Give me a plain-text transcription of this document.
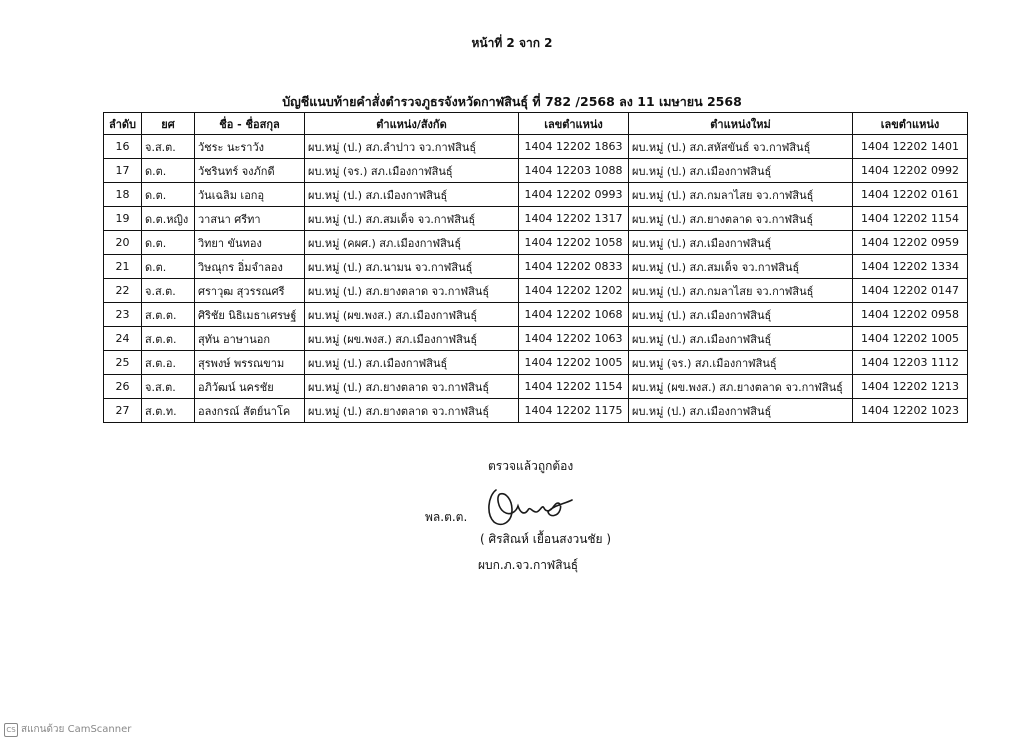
หน้าที่ 2 จาก 2
บัญชีแนบท้ายคำสั่งตำรวจภูธรจังหวัดกาฬสินธุ์ ที่ 782 /2568 ลง 11 เมษายน 2568
ลำดับ	ยศ	ชื่อ - ชื่อสกุล	ตำแหน่ง/สังกัด	เลขตำแหน่ง	ตำแหน่งใหม่	เลขตำแหน่ง
16	จ.ส.ต.	วัชระ นะราวัง	ผบ.หมู่ (ป.) สภ.ลำปาว จว.กาฬสินธุ์	1404 12202 1863	ผบ.หมู่ (ป.) สภ.สหัสขันธ์ จว.กาฬสินธุ์	1404 12202 1401
17	ด.ต.	วัชรินทร์ จงภักดี	ผบ.หมู่ (จร.) สภ.เมืองกาฬสินธุ์	1404 12203 1088	ผบ.หมู่ (ป.) สภ.เมืองกาฬสินธุ์	1404 12202 0992
18	ด.ต.	วันเฉลิม เอกอุ	ผบ.หมู่ (ป.) สภ.เมืองกาฬสินธุ์	1404 12202 0993	ผบ.หมู่ (ป.) สภ.กมลาไสย จว.กาฬสินธุ์	1404 12202 0161
19	ด.ต.หญิง	วาสนา ศรีทา	ผบ.หมู่ (ป.) สภ.สมเด็จ จว.กาฬสินธุ์	1404 12202 1317	ผบ.หมู่ (ป.) สภ.ยางตลาด จว.กาฬสินธุ์	1404 12202 1154
20	ด.ต.	วิทยา ขันทอง	ผบ.หมู่ (คผศ.) สภ.เมืองกาฬสินธุ์	1404 12202 1058	ผบ.หมู่ (ป.) สภ.เมืองกาฬสินธุ์	1404 12202 0959
21	ด.ต.	วิษณุกร อิ่มจำลอง	ผบ.หมู่ (ป.) สภ.นามน จว.กาฬสินธุ์	1404 12202 0833	ผบ.หมู่ (ป.) สภ.สมเด็จ จว.กาฬสินธุ์	1404 12202 1334
22	จ.ส.ต.	ศราวุฒ สุวรรณศรี	ผบ.หมู่ (ป.) สภ.ยางตลาด จว.กาฬสินธุ์	1404 12202 1202	ผบ.หมู่ (ป.) สภ.กมลาไสย จว.กาฬสินธุ์	1404 12202 0147
23	ส.ต.ต.	ศิริชัย นิธิเมธาเศรษฐ์	ผบ.หมู่ (ผข.พงส.) สภ.เมืองกาฬสินธุ์	1404 12202 1068	ผบ.หมู่ (ป.) สภ.เมืองกาฬสินธุ์	1404 12202 0958
24	ส.ต.ต.	สุทัน อาษานอก	ผบ.หมู่ (ผข.พงส.) สภ.เมืองกาฬสินธุ์	1404 12202 1063	ผบ.หมู่ (ป.) สภ.เมืองกาฬสินธุ์	1404 12202 1005
25	ส.ต.อ.	สุรพงษ์ พรรณขาม	ผบ.หมู่ (ป.) สภ.เมืองกาฬสินธุ์	1404 12202 1005	ผบ.หมู่ (จร.) สภ.เมืองกาฬสินธุ์	1404 12203 1112
26	จ.ส.ต.	อภิวัฒน์ นครชัย	ผบ.หมู่ (ป.) สภ.ยางตลาด จว.กาฬสินธุ์	1404 12202 1154	ผบ.หมู่ (ผข.พงส.) สภ.ยางตลาด จว.กาฬสินธุ์	1404 12202 1213
27	ส.ต.ท.	อลงกรณ์ สัตย์นาโค	ผบ.หมู่ (ป.) สภ.ยางตลาด จว.กาฬสินธุ์	1404 12202 1175	ผบ.หมู่ (ป.) สภ.เมืองกาฬสินธุ์	1404 12202 1023
ตรวจแล้วถูกต้อง
พล.ต.ต.
( ศิรสิณห์ เยื้อนสงวนชัย )
ผบก.ภ.จว.กาฬสินธุ์
CS สแกนด้วย CamScanner
